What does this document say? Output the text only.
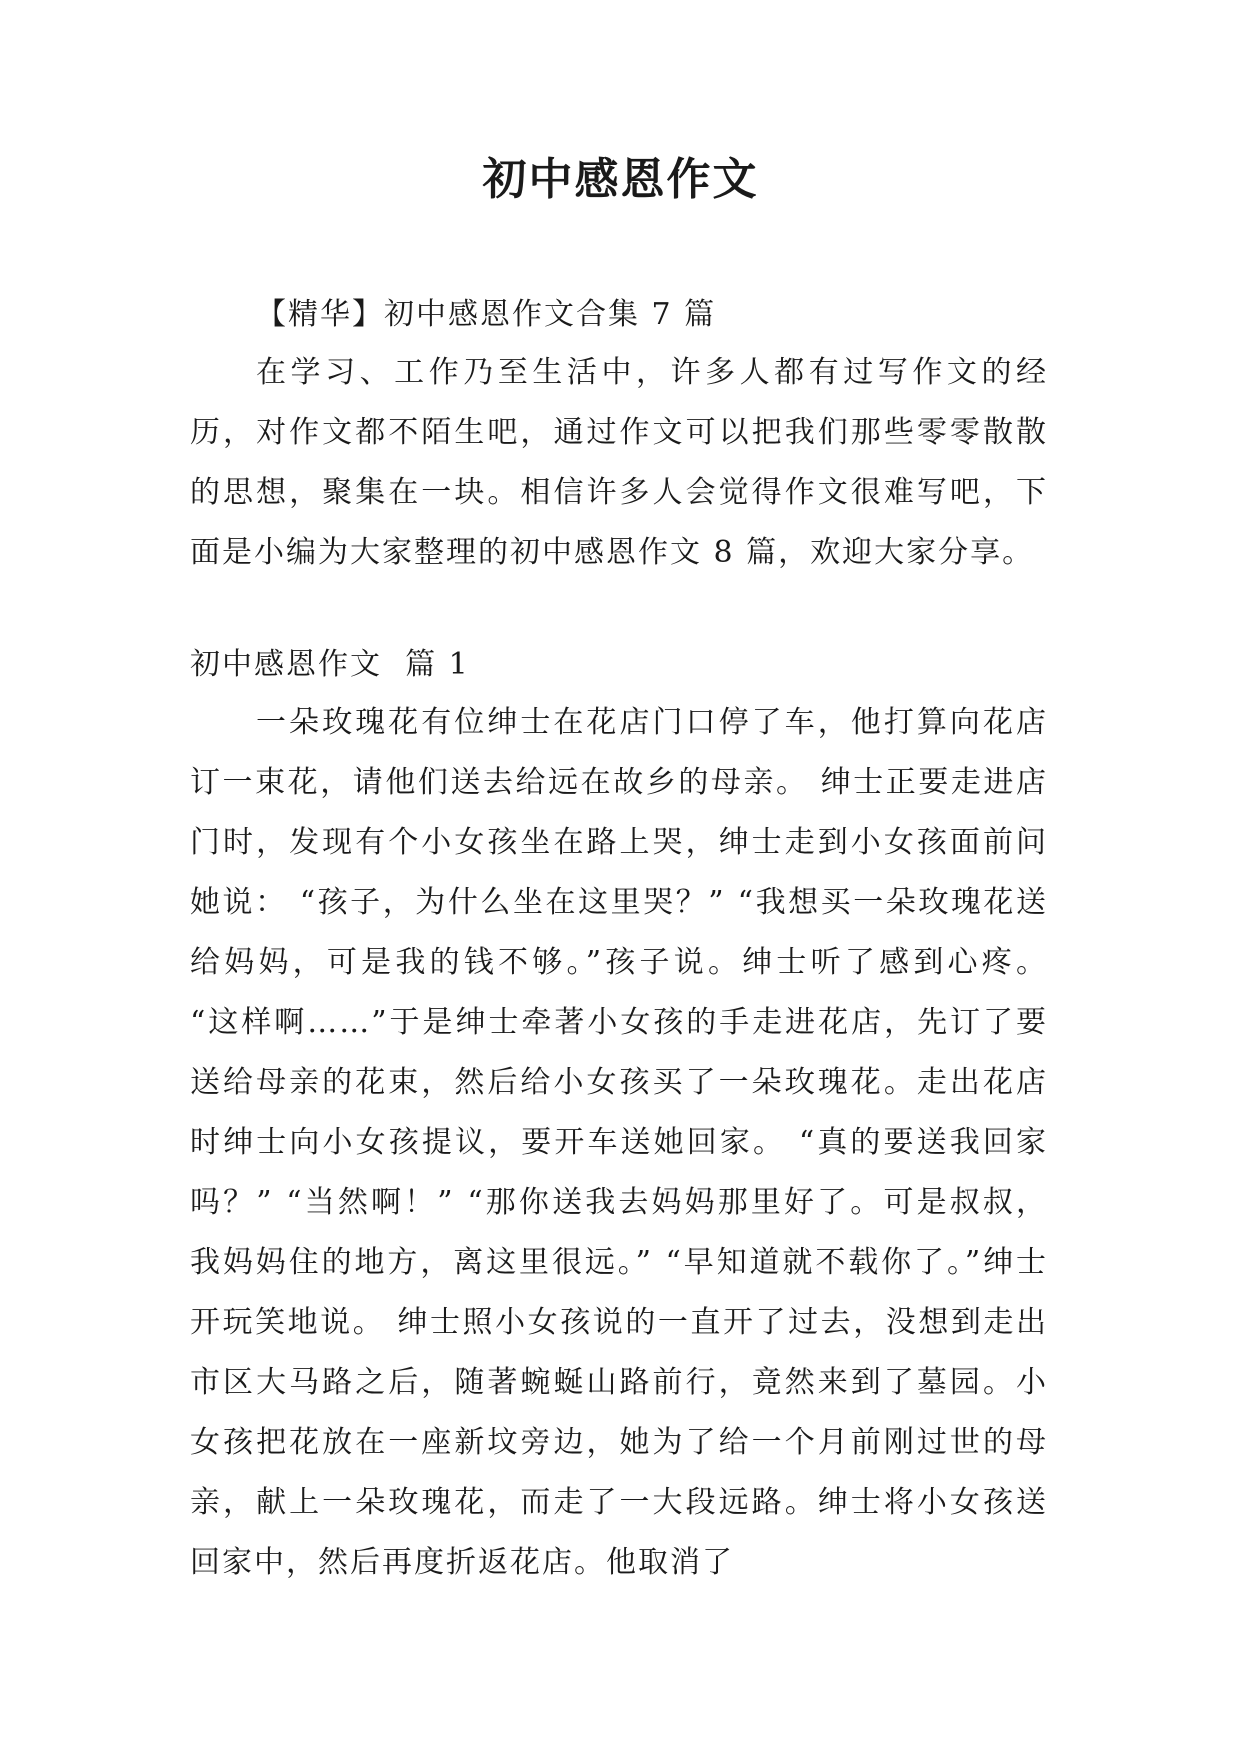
初中感恩作文

【精华】初中感恩作文合集 7 篇

在学习、工作乃至生活中，许多人都有过写作文的经历，对作文都不陌生吧，通过作文可以把我们那些零零散散的思想，聚集在一块。相信许多人会觉得作文很难写吧，下面是小编为大家整理的初中感恩作文 8 篇，欢迎大家分享。

初中感恩作文  篇 1

一朵玫瑰花有位绅士在花店门口停了车，他打算向花店订一束花，请他们送去给远在故乡的母亲。 绅士正要走进店门时，发现有个小女孩坐在路上哭，绅士走到小女孩面前问她说： “孩子，为什么坐在这里哭？” “我想买一朵玫瑰花送给妈妈，可是我的钱不够。”孩子说。绅士听了感到心疼。 “这样啊……”于是绅士牵著小女孩的手走进花店，先订了要送给母亲的花束，然后给小女孩买了一朵玫瑰花。走出花店时绅士向小女孩提议，要开车送她回家。 “真的要送我回家吗？” “当然啊！” “那你送我去妈妈那里好了。可是叔叔，我妈妈住的地方，离这里很远。” “早知道就不载你了。”绅士开玩笑地说。 绅士照小女孩说的一直开了过去，没想到走出市区大马路之后，随著蜿蜒山路前行，竟然来到了墓园。小女孩把花放在一座新坟旁边，她为了给一个月前刚过世的母亲，献上一朵玫瑰花，而走了一大段远路。绅士将小女孩送回家中，然后再度折返花店。他取消了
